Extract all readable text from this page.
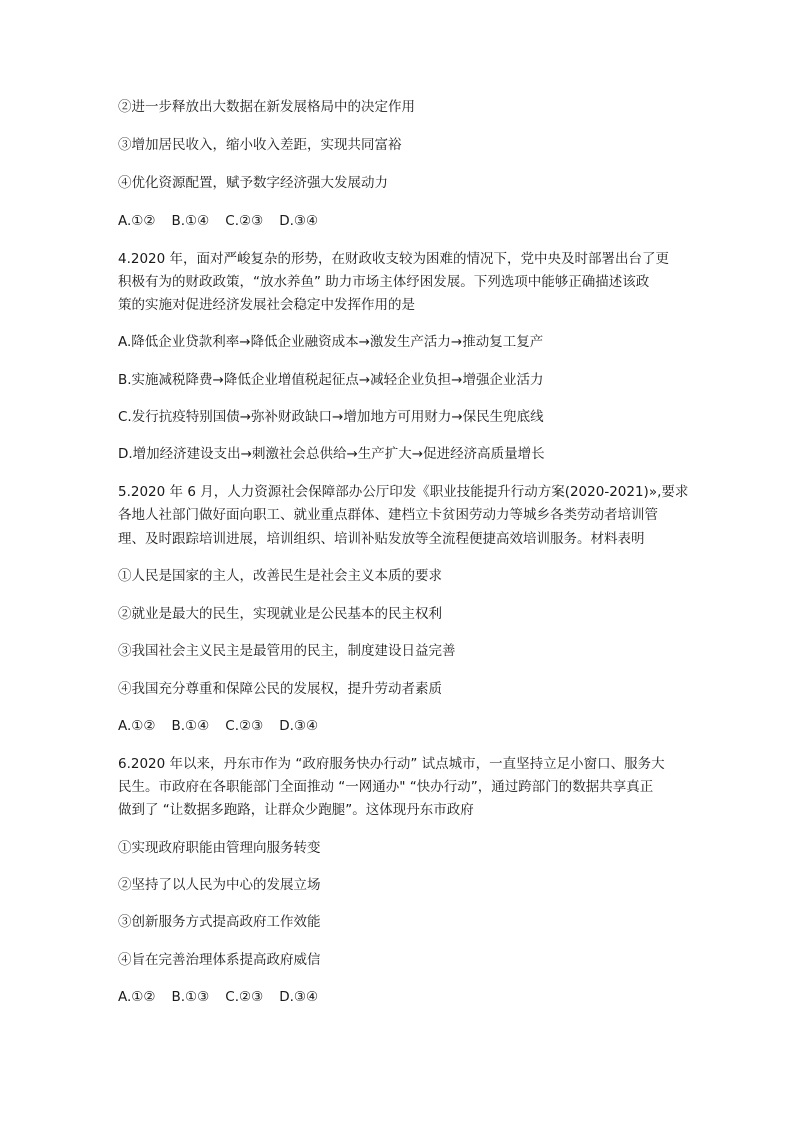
②进一步释放出大数据在新发展格局中的决定作用
③增加居民收入，缩小收入差距，实现共同富裕
④优化资源配置，赋予数字经济强大发展动力
A.①② B.①④ C.②③ D.③④
4.2020 年，面对严峻复杂的形势，在财政收支较为困难的情况下，党中央及时部署出台了更
积极有为的财政政策，“放水养鱼” 助力市场主体纾困发展。下列选项中能够正确描述该政
策的实施对促进经济发展社会稳定中发挥作用的是
A.降低企业贷款利率→降低企业融资成本→激发生产活力→推动复工复产
B.实施减税降费→降低企业增值税起征点→减轻企业负担→增强企业活力
C.发行抗疫特别国债→弥补财政缺口→增加地方可用财力→保民生兜底线
D.增加经济建设支出→刺激社会总供给→生产扩大→促进经济高质量增长
5.2020 年 6 月，人力资源社会保障部办公厅印发《职业技能提升行动方案(2020-2021)»,要求
各地人社部门做好面向职工、就业重点群体、建档立卡贫困劳动力等城乡各类劳动者培训管
理、及时跟踪培训进展，培训组织、培训补贴发放等全流程便捷高效培训服务。材料表明
①人民是国家的主人，改善民生是社会主义本质的要求
②就业是最大的民生，实现就业是公民基本的民主权利
③我国社会主义民主是最管用的民主，制度建设日益完善
④我国充分尊重和保障公民的发展权，提升劳动者素质
A.①② B.①④ C.②③ D.③④
6.2020 年以来，丹东市作为 “政府服务快办行动” 试点城市，一直坚持立足小窗口、服务大
民生。市政府在各职能部门全面推动 “一网通办" “快办行动”，通过跨部门的数据共享真正
做到了 “让数据多跑路，让群众少跑腿”。这体现丹东市政府
①实现政府职能由管理向服务转变
②坚持了以人民为中心的发展立场
③创新服务方式提高政府工作效能
④旨在完善治理体系提高政府威信
A.①② B.①③ C.②③ D.③④
